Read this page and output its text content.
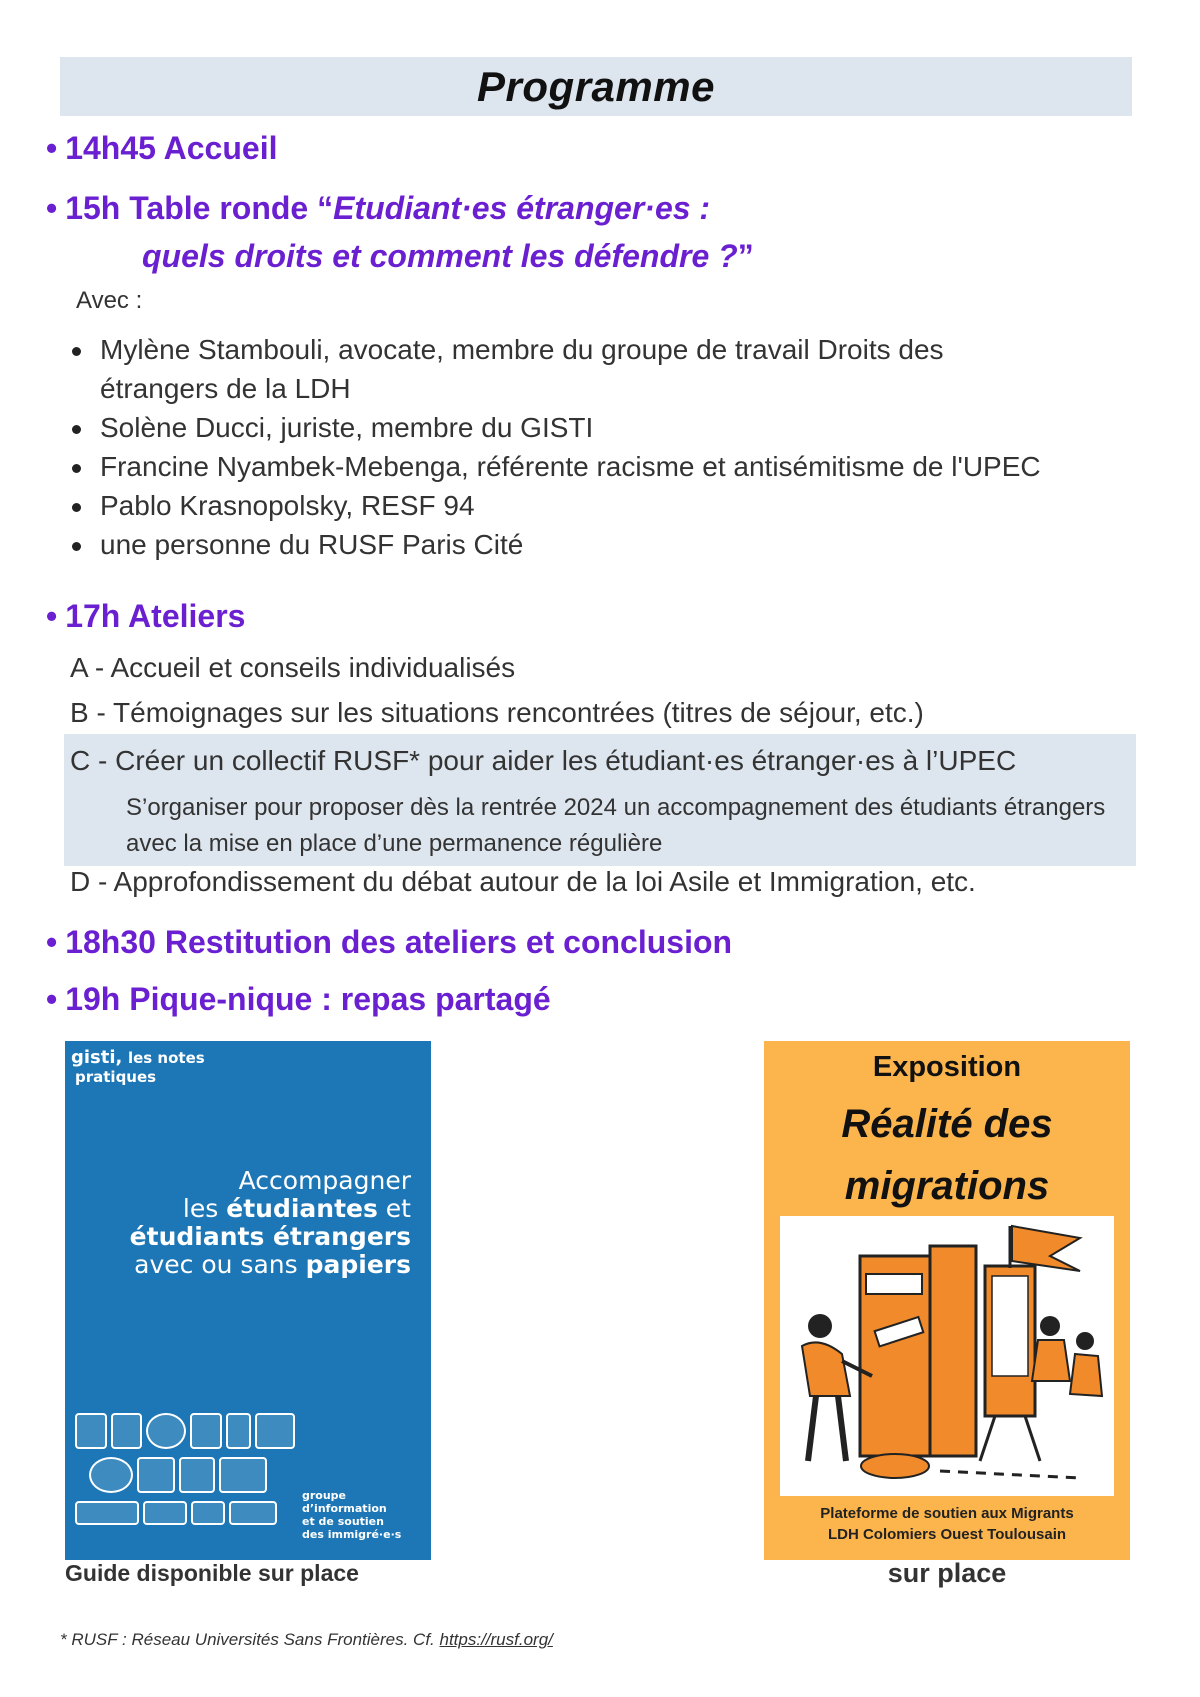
Programme
• 14h45 Accueil
• 15h Table ronde “Etudiant·es étranger·es :
quels droits et comment les défendre ?”
Avec :
Mylène Stambouli, avocate, membre du groupe de travail Droits des
étrangers de la LDH
Solène Ducci, juriste, membre du GISTI
Francine Nyambek-Mebenga, référente racisme et antisémitisme de l'UPEC
Pablo Krasnopolsky, RESF 94
une personne du RUSF Paris Cité
• 17h Ateliers
A - Accueil et conseils individualisés
B - Témoignages sur les situations rencontrées (titres de séjour, etc.)
C - Créer un collectif RUSF* pour aider les étudiant·es étranger·es à l’UPEC
S’organiser pour proposer dès la rentrée 2024 un accompagnement des étudiants étrangers avec la mise en place d’une permanence régulière
D - Approfondissement du débat autour de la loi Asile et Immigration, etc.
• 18h30 Restitution des ateliers et conclusion
• 19h Pique-nique : repas partagé
gisti, les notes
pratiques
Accompagner
les étudiantes et
étudiants étrangers
avec ou sans papiers
groupe
d’information
et de soutien
des immigré·e·s
Guide disponible sur place
Exposition
Réalité des
migrations
Plateforme de soutien aux Migrants
LDH Colomiers Ouest Toulousain
sur place
* RUSF : Réseau Universités Sans Frontières. Cf. https://rusf.org/
